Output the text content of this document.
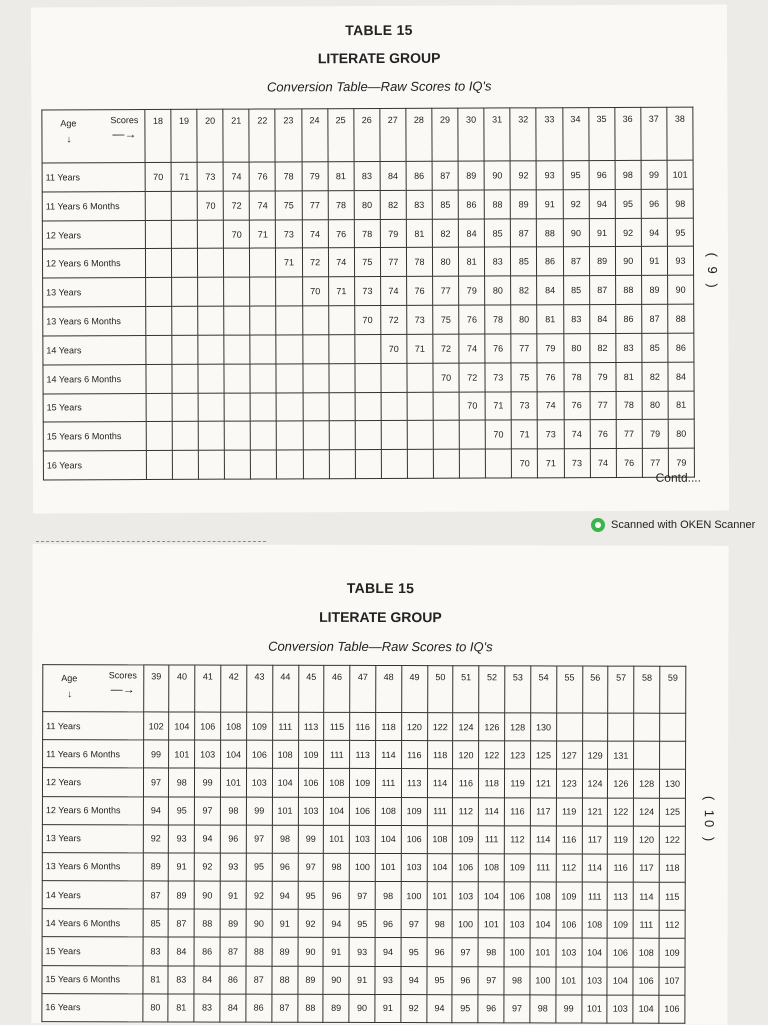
TABLE 15
LITERATE GROUP
Conversion Table—Raw Scores to IQ's
Age Scores
↓ —→	18	19	20	21	22	23	24	25	26	27	28	29	30	31	32	33	34	35	36	37	38
11 Years	70	71	73	74	76	78	79	81	83	84	86	87	89	90	92	93	95	96	98	99	101
11 Years 6 Months			70	72	74	75	77	78	80	82	83	85	86	88	89	91	92	94	95	96	98
12 Years				70	71	73	74	76	78	79	81	82	84	85	87	88	90	91	92	94	95
12 Years 6 Months						71	72	74	75	77	78	80	81	83	85	86	87	89	90	91	93
13 Years							70	71	73	74	76	77	79	80	82	84	85	87	88	89	90
13 Years 6 Months									70	72	73	75	76	78	80	81	83	84	86	87	88
14 Years										70	71	72	74	76	77	79	80	82	83	85	86
14 Years 6 Months												70	72	73	75	76	78	79	81	82	84
15 Years													70	71	73	74	76	77	78	80	81
15 Years 6 Months														70	71	73	74	76	77	79	80
16 Years															70	71	73	74	76	77	79
Contd....
( 9 )
Scanned with OKEN Scanner
TABLE 15
LITERATE GROUP
Conversion Table—Raw Scores to IQ's
Age Scores
↓ —→	39	40	41	42	43	44	45	46	47	48	49	50	51	52	53	54	55	56	57	58	59
11 Years	102	104	106	108	109	111	113	115	116	118	120	122	124	126	128	130					
11 Years 6 Months	99	101	103	104	106	108	109	111	113	114	116	118	120	122	123	125	127	129	131		
12 Years	97	98	99	101	103	104	106	108	109	111	113	114	116	118	119	121	123	124	126	128	130
12 Years 6 Months	94	95	97	98	99	101	103	104	106	108	109	111	112	114	116	117	119	121	122	124	125
13 Years	92	93	94	96	97	98	99	101	103	104	106	108	109	111	112	114	116	117	119	120	122
13 Years 6 Months	89	91	92	93	95	96	97	98	100	101	103	104	106	108	109	111	112	114	116	117	118
14 Years	87	89	90	91	92	94	95	96	97	98	100	101	103	104	106	108	109	111	113	114	115
14 Years 6 Months	85	87	88	89	90	91	92	94	95	96	97	98	100	101	103	104	106	108	109	111	112
15 Years	83	84	86	87	88	89	90	91	93	94	95	96	97	98	100	101	103	104	106	108	109
15 Years 6 Months	81	83	84	86	87	88	89	90	91	93	94	95	96	97	98	100	101	103	104	106	107
16 Years	80	81	83	84	86	87	88	89	90	91	92	94	95	96	97	98	99	101	103	104	106
( 10 )
